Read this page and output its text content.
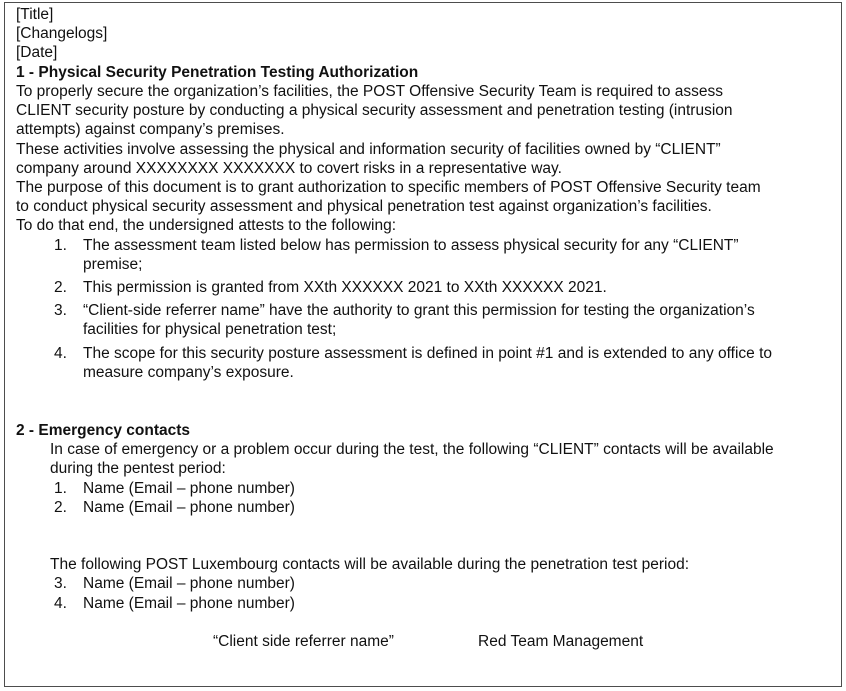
[Title]
[Changelogs]
[Date]
1 - Physical Security Penetration Testing Authorization
To properly secure the organization’s facilities, the POST Offensive Security Team is required to assess
CLIENT security posture by conducting a physical security assessment and penetration testing (intrusion
attempts) against company’s premises.
These activities involve assessing the physical and information security of facilities owned by “CLIENT”
company around XXXXXXXX XXXXXXX to covert risks in a representative way.
The purpose of this document is to grant authorization to specific members of POST Offensive Security team
to conduct physical security assessment and physical penetration test against organization’s facilities.
To do that end, the undersigned attests to the following:
1. The assessment team listed below has permission to assess physical security for any “CLIENT”
premise;
2. This permission is granted from XXth XXXXXX 2021 to XXth XXXXXX 2021.
3. “Client-side referrer name” have the authority to grant this permission for testing the organization’s
facilities for physical penetration test;
4. The scope for this security posture assessment is defined in point #1 and is extended to any office to
measure company’s exposure.
2 - Emergency contacts
In case of emergency or a problem occur during the test, the following “CLIENT” contacts will be available
during the pentest period:
1. Name (Email – phone number)
2. Name (Email – phone number)
The following POST Luxembourg contacts will be available during the penetration test period:
3. Name (Email – phone number)
4. Name (Email – phone number)
“Client side referrer name”	Red Team Management
